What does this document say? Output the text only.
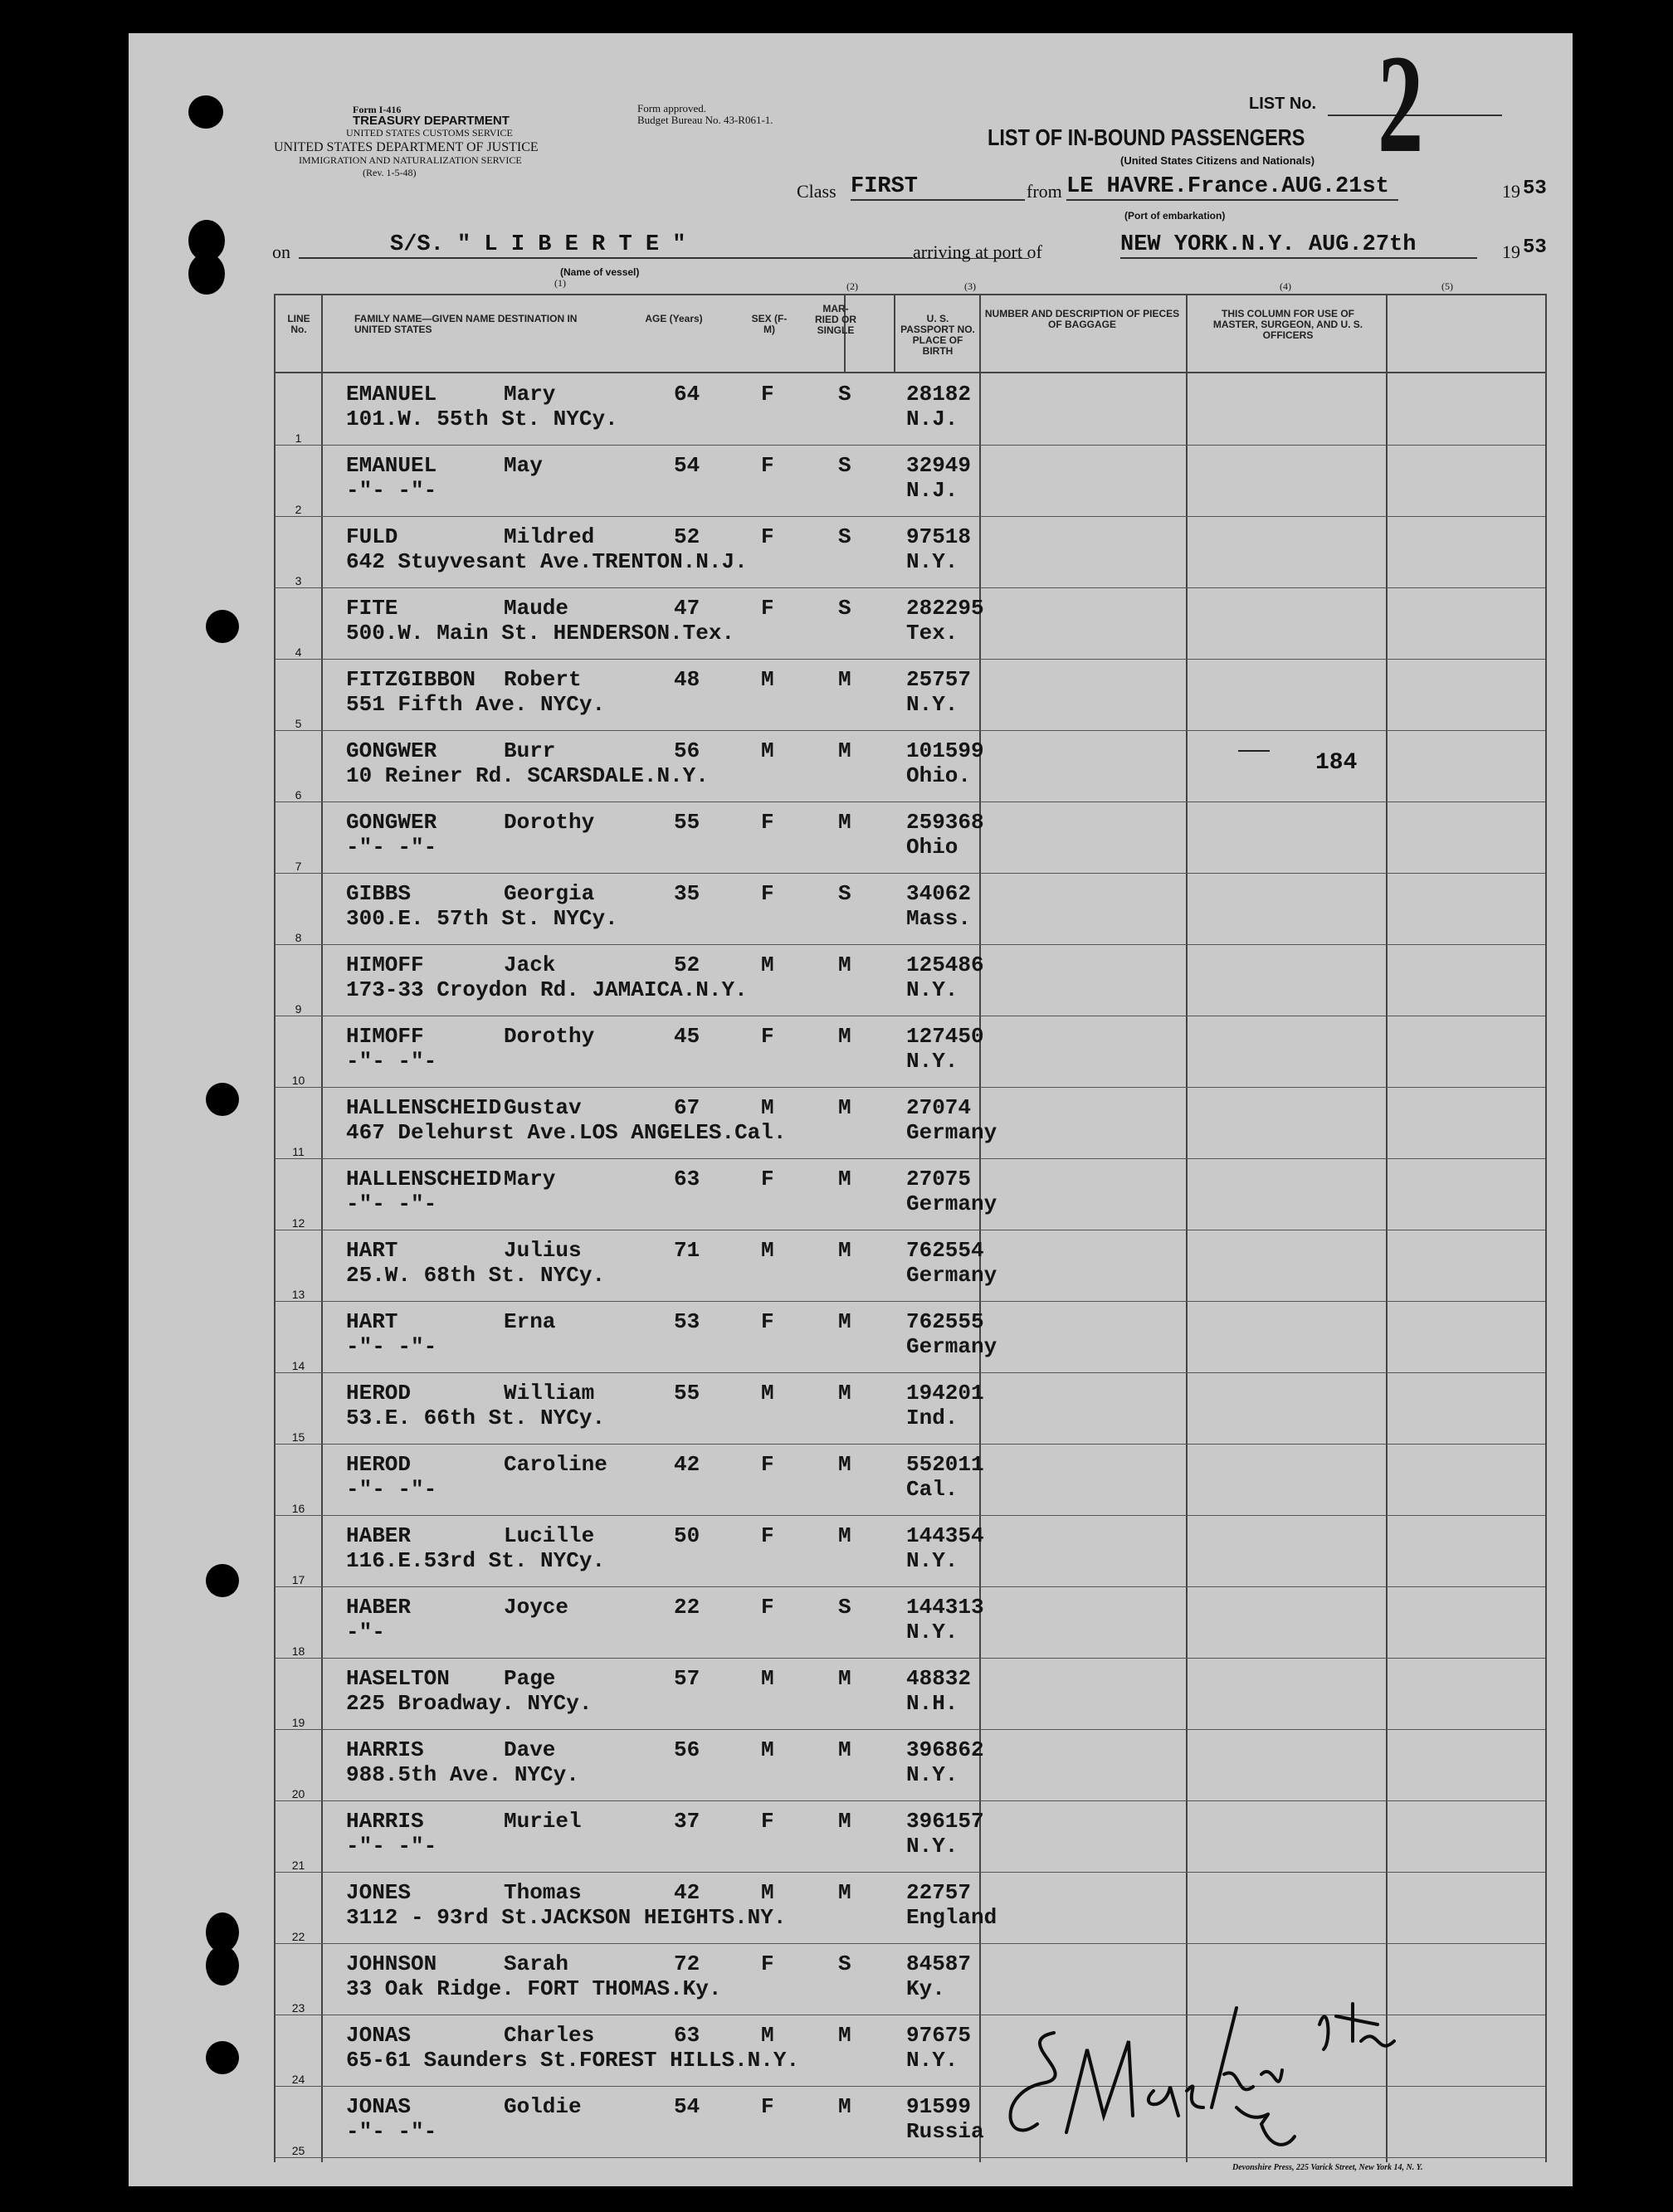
Form I-416
TREASURY DEPARTMENT
UNITED STATES CUSTOMS SERVICE
UNITED STATES DEPARTMENT OF JUSTICE
IMMIGRATION AND NATURALIZATION SERVICE
(Rev. 1-5-48)
Form approved.
Budget Bureau No. 43-R061-1.
LIST No. 2
LIST OF IN-BOUND PASSENGERS
(United States Citizens and Nationals)
Class FIRST	from LE HAVRE.France.AUG.21st	19 53
(Port of embarkation)
on	S/S. " L I B E R T E "
(Name of vessel)
(1)
arriving at port of	NEW YORK.N.Y. AUG.27th	19 53
(2)	(3)	(4)	(5)
LINE No.
FAMILY NAME—GIVEN NAME DESTINATION IN UNITED STATES
AGE (Years)	SEX (F-M)
MAR-RIED OR SINGLE
U. S. PASSPORT NO. PLACE OF BIRTH
NUMBER AND DESCRIPTION OF PIECES OF BAGGAGE
THIS COLUMN FOR USE OF MASTER, SURGEON, AND U. S. OFFICERS
1
EMANUEL	Mary	64	F	S	28182
101.W. 55th St. NYCy.	N.J.
2
EMANUEL	May	54	F	S	32949
-"- -"-	N.J.
3
FULD	Mildred	52	F	S	97518
642 Stuyvesant Ave.TRENTON.N.J.	N.Y.
4
FITE	Maude	47	F	S	282295
500.W. Main St. HENDERSON.Tex.	Tex.
5
FITZGIBBON Robert	48	M	M	25757
551 Fifth Ave. NYCy.	N.Y.
6
GONGWER	Burr	56	M	M	101599
10 Reiner Rd. SCARSDALE.N.Y.	Ohio.
7
GONGWER	Dorothy	55	F	M	259368
-"- -"-	Ohio
8
GIBBS	Georgia	35	F	S	34062
300.E. 57th St. NYCy.	Mass.
9
HIMOFF	Jack	52	M	M	125486
173-33 Croydon Rd. JAMAICA.N.Y.	N.Y.
10
HIMOFF	Dorothy	45	F	M	127450
-"- -"-	N.Y.
11
HALLENSCHEID Gustav	67	M	M	27074
467 Delehurst Ave.LOS ANGELES.Cal.	Germany
12
HALLENSCHEID Mary	63	F	M	27075
-"- -"-	Germany
13
HART	Julius	71	M	M	762554
25.W. 68th St. NYCy.	Germany
14
HART	Erna	53	F	M	762555
-"- -"-	Germany
15
HEROD	William	55	M	M	194201
53.E. 66th St. NYCy.	Ind.
16
HEROD	Caroline	42	F	M	552011
-"- -"-	Cal.
17
HABER	Lucille	50	F	M	144354
116.E.53rd St. NYCy.	N.Y.
18
HABER	Joyce	22	F	S	144313
-"-	N.Y.
19
HASELTON	Page	57	M	M	48832
225 Broadway. NYCy.	N.H.
20
HARRIS	Dave	56	M	M	396862
988.5th Ave. NYCy.	N.Y.
21
HARRIS	Muriel	37	F	M	396157
-"- -"-	N.Y.
22
JONES	Thomas	42	M	M	22757
3112 - 93rd St.JACKSON HEIGHTS.NY.	England
23
JOHNSON	Sarah	72	F	S	84587
33 Oak Ridge. FORT THOMAS.Ky.	Ky.
24
JONAS	Charles	63	M	M	97675
65-61 Saunders St.FOREST HILLS.N.Y.	N.Y.
25
JONAS	Goldie	54	F	M	91599
-"- -"-	Russia
184
Devonshire Press, 225 Varick Street, New York 14, N. Y.
